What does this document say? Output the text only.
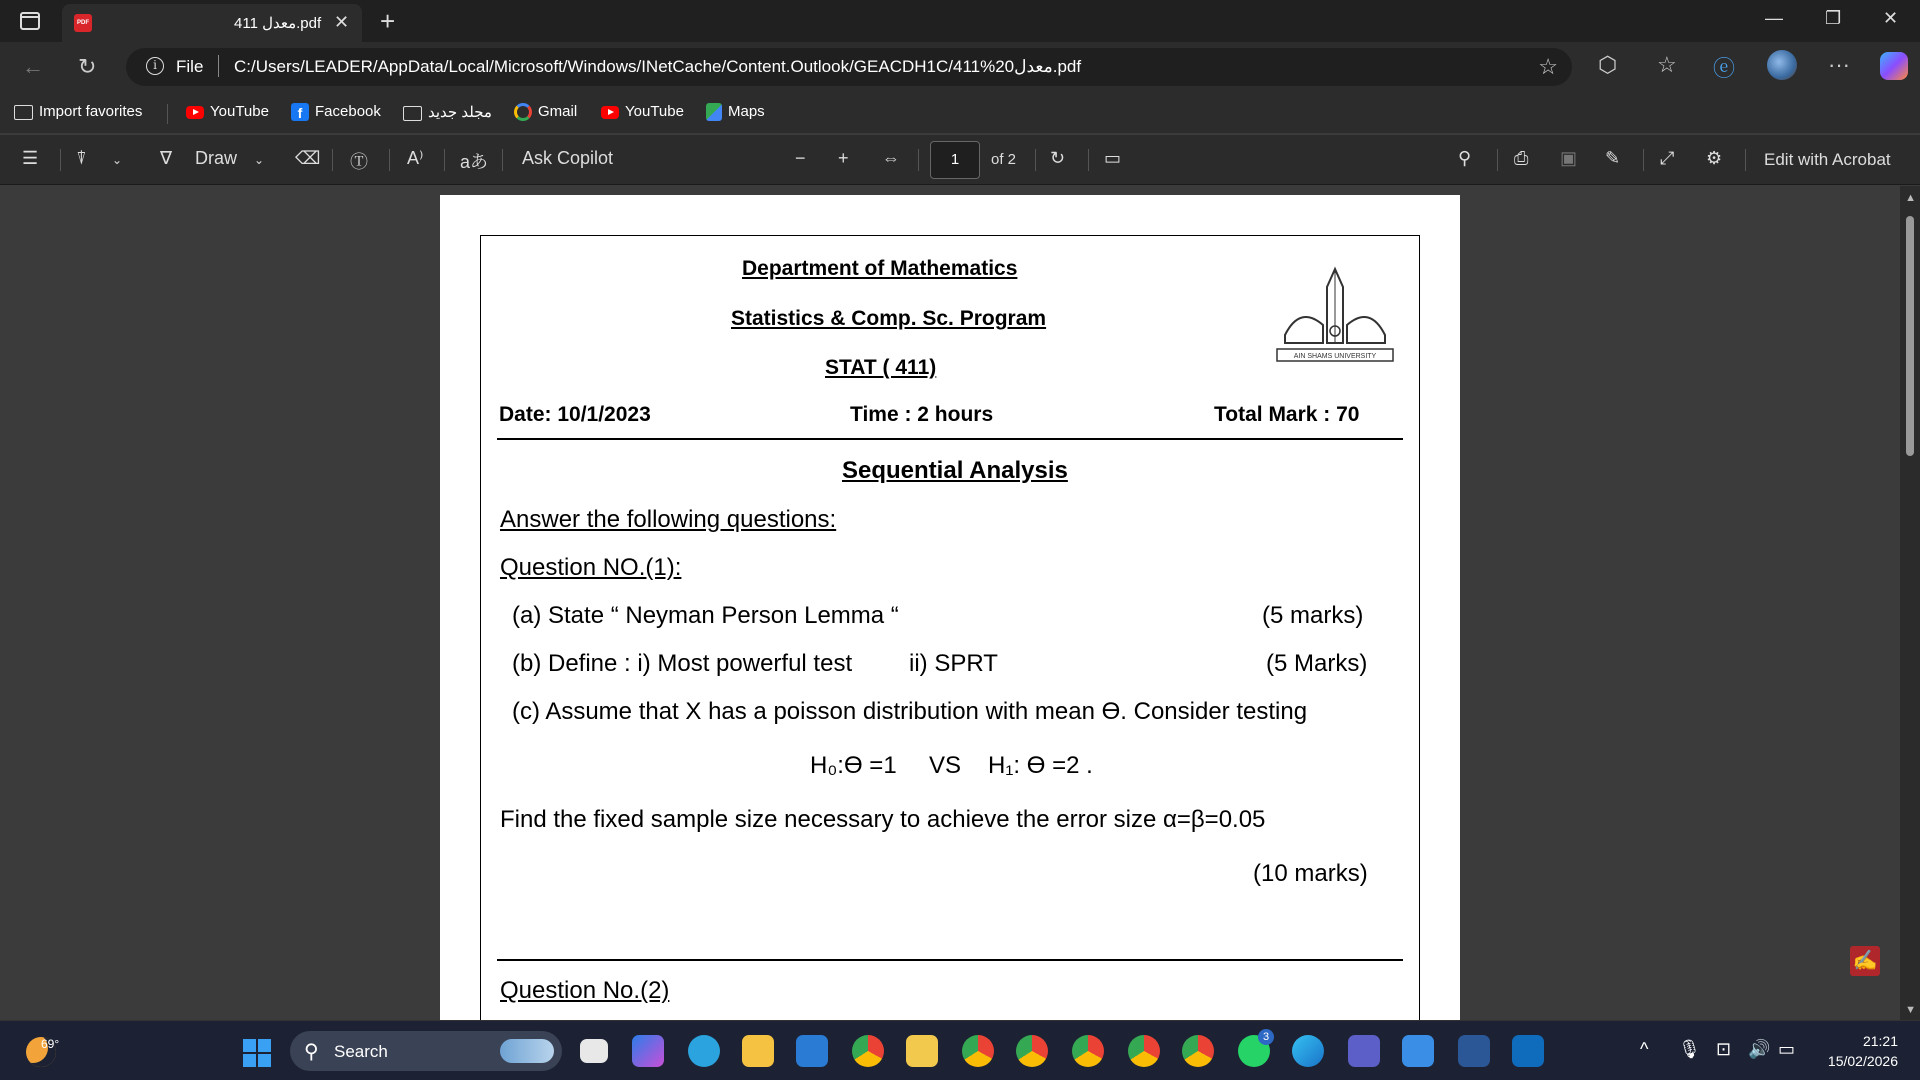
PDF	411 معدل.pdf ✕ +	— ❐ ✕
← ↻	i	File C:/Users/LEADER/AppData/Local/Microsoft/Windows/INetCache/Content.Outlook/GEACDH1C/411%20معدل.pdf	☆ ⬡ ☆ ⓔ	···
Import favorites	YouTube	f Facebook	مجلد جديد	Gmail	YouTube	Maps
☰ ⍒ ⌄ ∇ Draw ⌄ ⌫ Ⓣ A⁾ aあ Ask Copilot	− + ⇔	1	of 2 ↻ ▭	⚲ ⎙ ▣ ✎ ⤢ ⚙ Edit with Acrobat
Department of Mathematics
Statistics & Comp. Sc. Program
STAT ( 411)	AIN SHAMS UNIVERSITY
Date: 10/1/2023	Time : 2 hours	Total Mark : 70
Sequential Analysis
Answer the following questions:
Question NO.(1):
(a) State “ Neyman Person Lemma “	(5 marks)
(b) Define : i) Most powerful test ii) SPRT	(5 Marks)
(c) Assume that X has a poisson distribution with mean ϴ. Consider testing
H₀:ϴ =1 VS H₁: ϴ =2 .
Find the fixed sample size necessary to achieve the error size α=β=0.05
(10 marks)
Question No.(2)
▲
▼
✍
69°	⚲ Search
3
^ 🎙 ⊡ 🔊 ▭	21:21
15/02/2026
